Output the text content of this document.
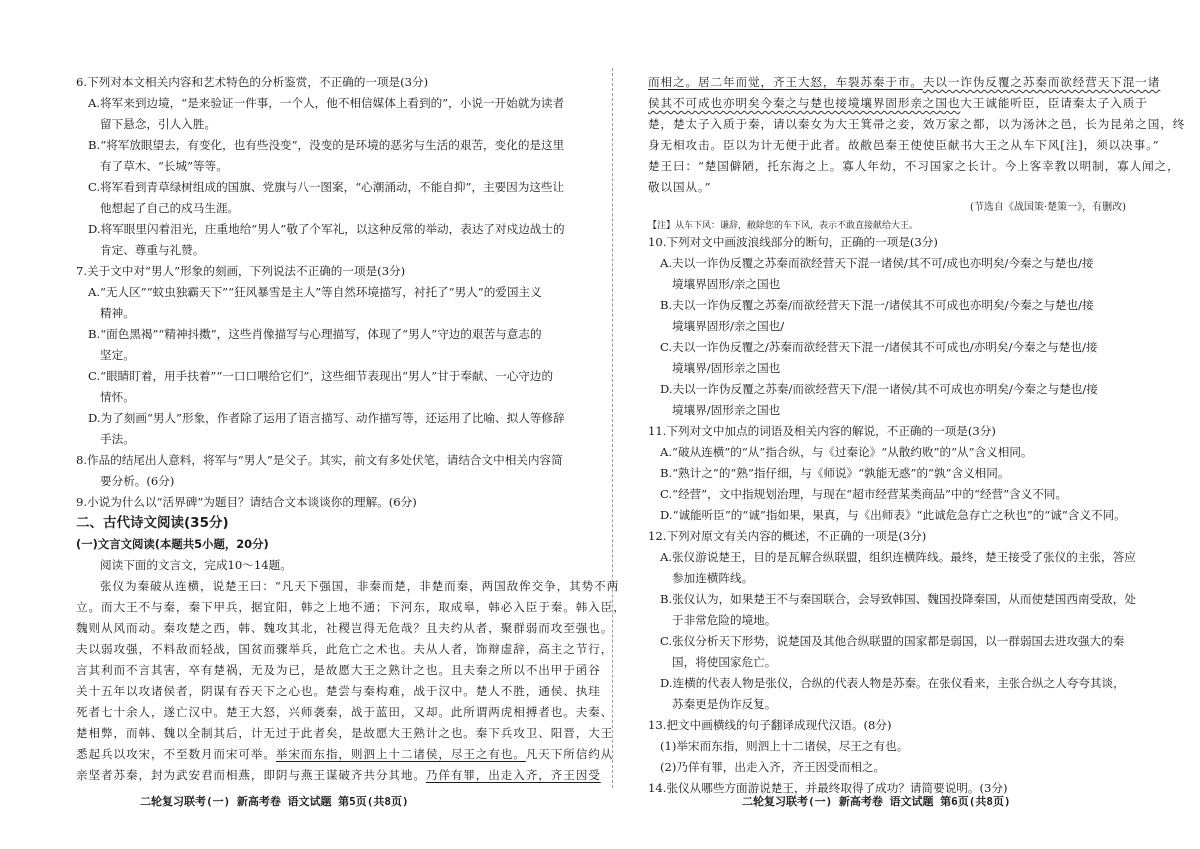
6.下列对本文相关内容和艺术特色的分析鉴赏，不正确的一项是(3分)
A.将军来到边境，“是来验证一件事，一个人，他不相信媒体上看到的”，小说一开始就为读者
留下悬念，引人入胜。
B.“将军放眼望去，有变化，也有些没变”，没变的是环境的恶劣与生活的艰苦，变化的是这里
有了草木、“长城”等等。
C.将军看到青草绿树组成的国旗、党旗与八一图案，“心潮涌动，不能自抑”，主要因为这些让
他想起了自己的戍马生涯。
D.将军眼里闪着泪光，庄重地给“男人”敬了个军礼，以这种反常的举动，表达了对戍边战士的
肯定、尊重与礼赞。
7.关于文中对“男人”形象的刻画，下列说法不正确的一项是(3分)
A.“无人区”“蚊虫独霸天下”“狂风暴雪是主人”等自然环境描写，衬托了“男人”的爱国主义
精神。
B.“面色黑褐”“精神抖擞”，这些肖像描写与心理描写，体现了“男人”守边的艰苦与意志的
坚定。
C.“眼睛盯着，用手扶着”“一口口喂给它们”，这些细节表现出“男人”甘于奉献、一心守边的
情怀。
D.为了刻画“男人”形象，作者除了运用了语言描写、动作描写等，还运用了比喻、拟人等修辞
手法。
8.作品的结尾出人意料，将军与“男人”是父子。其实，前文有多处伏笔，请结合文中相关内容简
要分析。(6分)
9.小说为什么以“活界碑”为题目？请结合文本谈谈你的理解。(6分)
二、古代诗文阅读(35分)
(一)文言文阅读(本题共5小题，20分)
阅读下面的文言文，完成10～14题。
张仪为秦破从连横，说楚王曰：“凡天下强国，非秦而楚，非楚而秦，两国敌侔交争，其势不两
立。而大王不与秦，秦下甲兵，据宜阳，韩之上地不通；下河东，取成皋，韩必入臣于秦。韩入臣，
魏则从风而动。秦攻楚之西，韩、魏攻其北，社稷岂得无危哉？且夫约从者，聚群弱而攻至强也。
夫以弱攻强，不料敌而轻战，国贫而骤举兵，此危亡之术也。夫从人者，饰辩虚辞，高主之节行，
言其利而不言其害，卒有楚祸，无及为已，是故愿大王之熟计之也。且夫秦之所以不出甲于函谷
关十五年以攻诸侯者，阴谋有吞天下之心也。楚尝与秦构难，战于汉中。楚人不胜，通侯、执珪
死者七十余人，遂亡汉中。楚王大怒，兴师袭秦，战于蓝田，又却。此所谓两虎相搏者也。夫秦、
楚相弊，而韩、魏以全制其后，计无过于此者矣，是故愿大王熟计之也。秦下兵攻卫、阳晋，大王
悉起兵以攻宋，不至数月而宋可举。举宋而东指，则泗上十二诸侯，尽王之有也。凡天下所信约从
亲坚者苏秦，封为武安君而相燕，即阴与燕王谋破齐共分其地。乃佯有罪，出走入齐，齐王因受
二轮复习联考(一) 新高考卷 语文试题 第5页(共8页)
而相之。居二年而觉，齐王大怒，车裂苏秦于市。夫以一诈伪反覆之苏秦而欲经营天下混一诸
侯其不可成也亦明矣今秦之与楚也接境壤界固形亲之国也大王诚能听臣，臣请秦太子入质于
楚，楚太子入质于秦，请以秦女为大王箕帚之妾，效万家之都，以为汤沐之邑，长为昆弟之国，终
身无相攻击。臣以为计无便于此者。故敝邑秦王使使臣献书大王之从车下风[注]，须以决事。”
楚王曰：“楚国僻陋，托东海之上。寡人年幼，不习国家之长计。今上客幸教以明制，寡人闻之，
敬以国从。”
(节选自《战国策·楚策一》，有删改)
【注】从车下风：谦辞，敝除您的车下风，表示不敢直接献给大王。
10.下列对文中画波浪线部分的断句，正确的一项是(3分)
A.夫以一诈伪反覆之苏秦而欲经营天下混一诸侯/其不可/成也亦明矣/今秦之与楚也/接
境壤界固形/亲之国也
B.夫以一诈伪反覆之苏秦/而欲经营天下混一/诸侯其不可成也亦明矣/今秦之与楚也/接
境壤界固形/亲之国也/
C.夫以一诈伪反覆之/苏秦而欲经营天下混一/诸侯其不可成也/亦明矣/今秦之与楚也/接
境壤界/固形亲之国也
D.夫以一诈伪反覆之苏秦/而欲经营天下/混一诸侯/其不可成也亦明矣/今秦之与楚也/接
境壤界/固形亲之国也
11.下列对文中加点的词语及相关内容的解说，不正确的一项是(3分)
A.“破从连横”的“从”指合纵，与《过秦论》“从散约败”的“从”含义相同。
B.“熟计之”的“熟”指仔细，与《师说》“孰能无惑”的“孰”含义相同。
C.“经营”，文中指规划治理，与现在“超市经营某类商品”中的“经营”含义不同。
D.“诚能听臣”的“诚”指如果，果真，与《出师表》“此诚危急存亡之秋也”的“诚”含义不同。
12.下列对原文有关内容的概述，不正确的一项是(3分)
A.张仪游说楚王，目的是瓦解合纵联盟，组织连横阵线。最终，楚王接受了张仪的主张，答应
参加连横阵线。
B.张仪认为，如果楚王不与秦国联合，会导致韩国、魏国投降秦国，从而使楚国西南受敌，处
于非常危险的境地。
C.张仪分析天下形势，说楚国及其他合纵联盟的国家都是弱国，以一群弱国去进攻强大的秦
国，将使国家危亡。
D.连横的代表人物是张仪，合纵的代表人物是苏秦。在张仪看来，主张合纵之人夸夸其谈，
苏秦更是伪诈反复。
13.把文中画横线的句子翻译成现代汉语。(8分)
(1)举宋而东指，则泗上十二诸侯，尽王之有也。
(2)乃佯有罪，出走入齐，齐王因受而相之。
14.张仪从哪些方面游说楚王，并最终取得了成功？请简要说明。(3分)
二轮复习联考(一) 新高考卷 语文试题 第6页(共8页)
